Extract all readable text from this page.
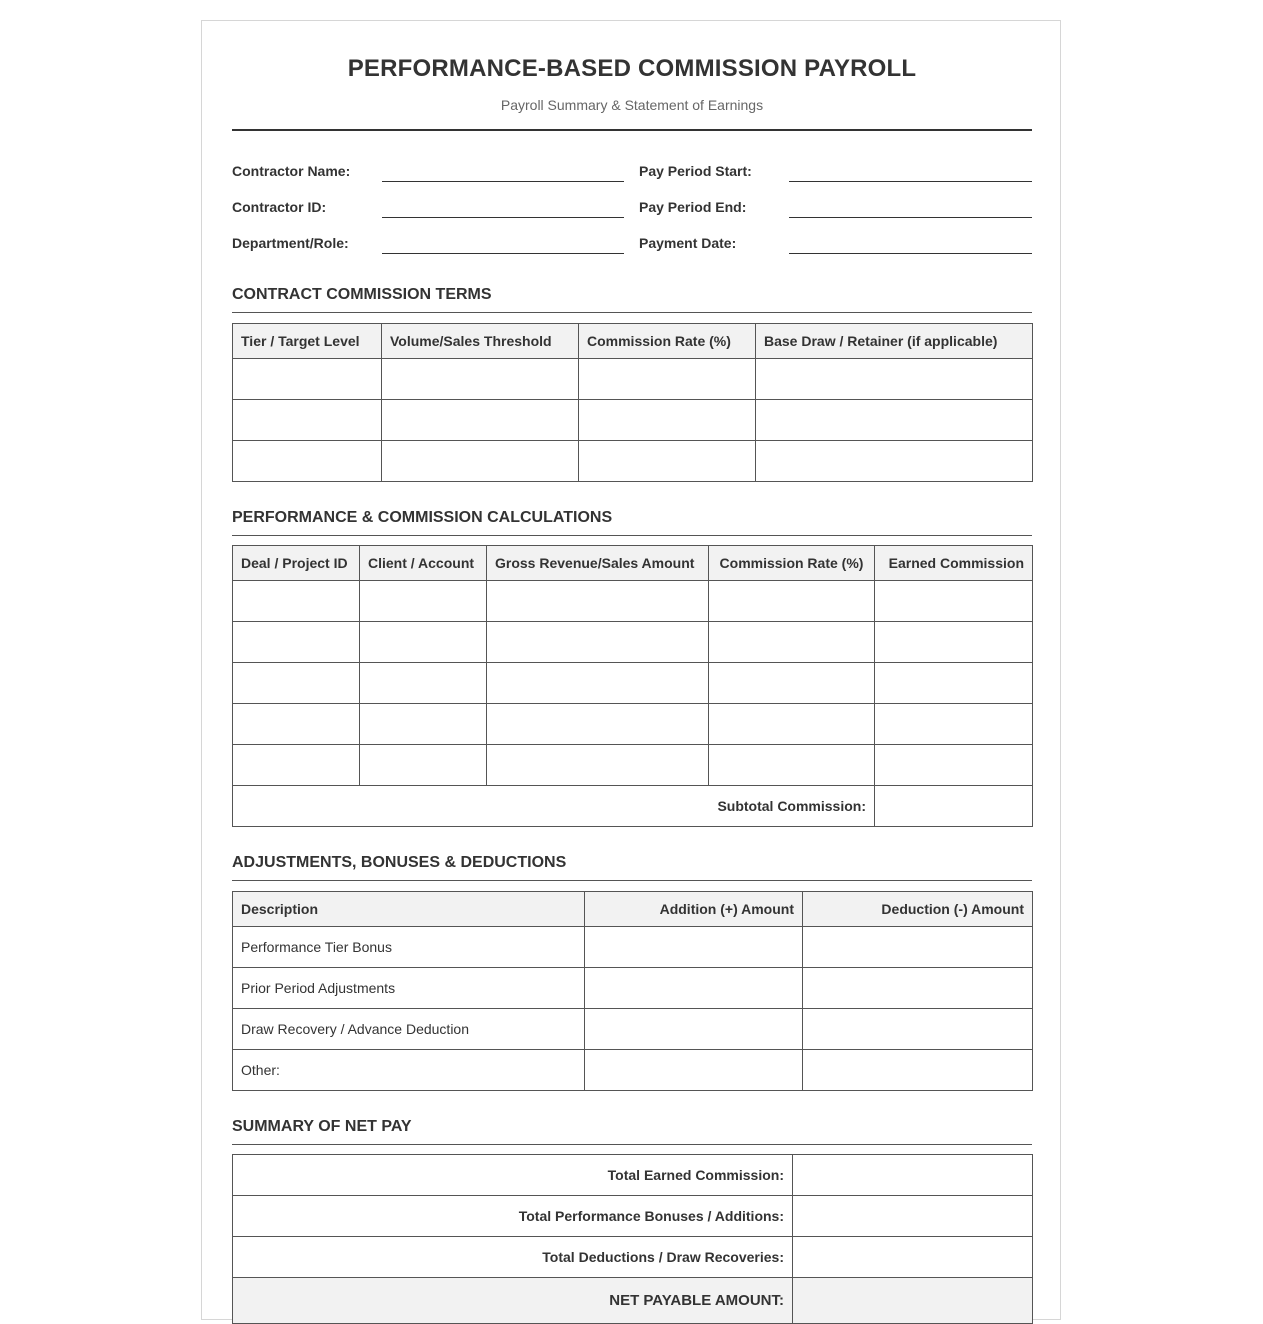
PERFORMANCE-BASED COMMISSION PAYROLL
Payroll Summary & Statement of Earnings
Contractor Name:
Contractor ID:
Department/Role:
Pay Period Start:
Pay Period End:
Payment Date:
CONTRACT COMMISSION TERMS
Tier / Target Level	Volume/Sales Threshold	Commission Rate (%)	Base Draw / Retainer (if applicable)

PERFORMANCE & COMMISSION CALCULATIONS
Deal / Project ID	Client / Account	Gross Revenue/Sales Amount	Commission Rate (%)	Earned Commission

Subtotal Commission:				
ADJUSTMENTS, BONUSES & DEDUCTIONS
Description	Addition (+) Amount	Deduction (-) Amount
Performance Tier Bonus		
Prior Period Adjustments		
Draw Recovery / Advance Deduction		
Other:		
SUMMARY OF NET PAY
Total Earned Commission:	
Total Performance Bonuses / Additions:	
Total Deductions / Draw Recoveries:	
NET PAYABLE AMOUNT:	
